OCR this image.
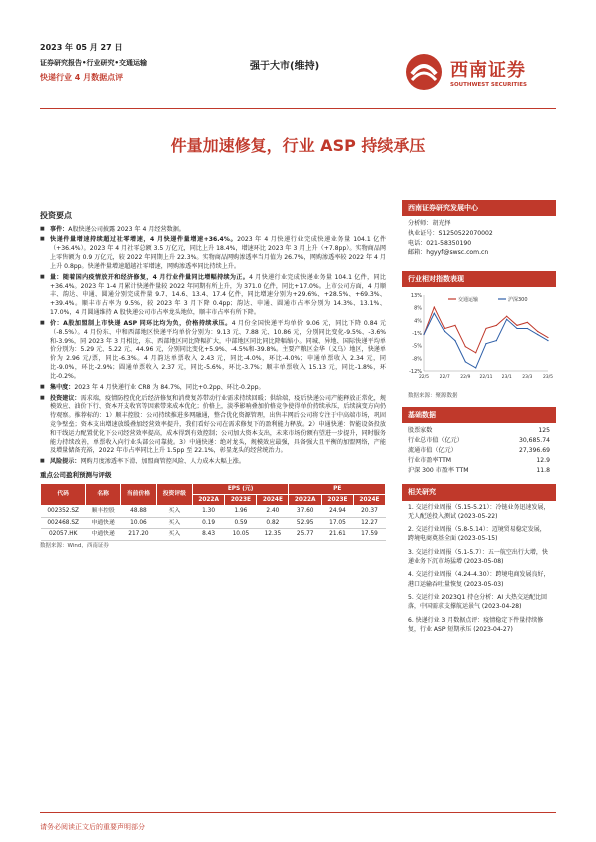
2023 年 05 月 27 日
证券研究报告•行业研究•交通运输
快递行业 4 月数据点评
强于大市(维持)	西南证券
SOUTHWEST SECURITIES
件量加速修复，行业 ASP 持续承压
投资要点
■ 事件：A股快递公司披露 2023 年 4 月经营数据。
■ 快递件量增速持续超过社零增速，4 月快递件量增速+36.4%。2023 年 4 月快递行业完成快递业务量 104.1 亿件（+36.4%）。2023 年 4 月社零总额 3.5 万亿元，同比上升 18.4%，增速环比 2023 年 3 月上升（+7.8pp）。实物商品网上零售额为 0.9 万亿元，较 2022 年同期上升 22.3%。实物商品网购渗透率当月值为 26.7%，网购渗透率较 2022 年 4 月上升 0.8pp。快递件量增速超越社零增速，网购渗透率同比持续上升。
■ 量：随着国内疫情放开和经济修复，4 月行业件量同比增幅持续为正。4 月快递行业完成快递业务量 104.1 亿件，同比+36.4%。2023 年 1-4 月累计快递件量较 2022 年同期有所上升，为 371.0 亿件，同比+17.0%。上市公司方面，4 月顺丰、韵达、申通、圆通分别完成件量 9.7、14.6、13.4、17.4 亿件，同比增速分别为+29.6%、+28.5%、+69.3%、+39.4%。顺丰市占率为 9.5%，较 2023 年 3 月下降 0.4pp；韵达、申通、圆通市占率分别为 14.3%、13.1%、17.0%，4 月圆通维持 A 股快递公司市占率龙头地位，顺丰市占率有所下降。
■ 价：A股加盟制上市快递 ASP 同环比均为负，价格持续承压。4 月份全国快递平均单价 9.06 元，同比下降 0.84 元（-8.5%）。4 月份东、中和西部地区快递平均单价分别为：9.13 元、7.88 元、10.86 元，分别同比变化-9.5%、-3.6%和-3.9%，同 2023 年 3 月相比，东、西部地区同比降幅扩大，中部地区同比同比降幅缩小。同城、异地、国际快递平均单价分别为：5.29 元、5.22 元、44.96 元，分别同比变化+5.9%、-4.5%和-39.8%。主要产粮区金华（义乌）地区，快递单价为 2.96 元/票，同比-6.3%。4 月韵达单票收入 2.43 元，同比-4.0%，环比-4.0%；申通单票收入 2.34 元，同比-9.0%，环比-2.9%；圆通单票收入 2.37 元，同比-5.6%，环比-3.7%；顺丰单票收入 15.13 元，同比-1.8%，环比-0.2%。
■ 集中度：2023 年 4 月快递行业 CR8 为 84.7%，同比+0.2pp、环比-0.2pp。
■ 投资建议：需求端，疫情防控优化后经济修复和消费复苏带动行业需求持续回暖；供给端，疫后快递公司产能释放正常化，规模效应、油价下行、资本开支收官等因素带来成本优化；价格上，淡季影响叠加价格竞争使得单价持续承压，后续演变方向仍待观察。推荐标的：1）顺丰控股：公司持续推进多网融通，整合优化资源管理，出售丰网后公司将专注于中高端市场，巩固竞争壁垒；资本支出增速放缓叠加经营效率提升，我们看好公司在需求修复下的盈利能力释放。2）申通快递：智能设备投放和干线运力配置优化下公司经营效率提高，成本得到有效控制；公司加大资本支出，未来市场份额有望进一步提升，同时服务能力持续改善，单票收入向行业头部公司靠拢。3）中通快递：绝对龙头，规模效应最强，具备强大且平衡的加盟网络，产能及增量储备充裕，2022 年市占率同比上升 1.5pp 至 22.1%，彰显龙头的经营统治力。
■ 风险提示：网购月度渗透率下滑、加盟商管控风险、人力成本大幅上涨。
重点公司盈利预测与评级
代码	名称	当前价格	投资评级	EPS (元)			PE		
				2022A	2023E	2024E	2022A	2023E	2024E
002352.SZ	顺丰控股	48.88	买入	1.30	1.96	2.40	37.60	24.94	20.37
002468.SZ	申通快递	10.06	买入	0.19	0.59	0.82	52.95	17.05	12.27
02057.HK	中通快递	217.20	买入	8.43	10.05	12.35	25.77	21.61	17.59
数据来源：Wind，西南证券
西南证券研究发展中心
分析师：胡光怿
执业证号：S1250522070002
电话：021-58350190
邮箱：hgyyf@swsc.com.cn
行业相对指数表现
13%
8%
4%
-1%
-5%
-8%
-12%
22/5 22/7 22/9 22/11 23/1 23/3 23/5
交通运输	沪深300
数据来源：聚源数据
基础数据
股票家数	125
行业总市值（亿元）	30,685.74
流通市值（亿元）	27,396.69
行业市盈率TTM	12.9
沪深 300 市盈率 TTM	11.8
相关研究
1. 交运行业周报（5.15-5.21）：冷链业务迅速发展，无人配送投入测试 (2023-05-22)
2. 交运行业周报（5.8-5.14）：迈境贸易稳定发展，跨境电商奠基全面 (2023-05-15)
3. 交运行业周报（5.1-5.7）：五一航空出行大增，快递业务下沉市场猛增 (2023-05-08)
4. 交运行业周报（4.24-4.30）：跨境电商发展良好，港口运输吞吐量恢复 (2023-05-03)
5. 交运行业 2023Q1 持仓分析：AI 大热交运配比回落，中国需求支撑航运景气 (2023-04-28)
6. 快递行业 3 月数据点评：疫情稳定下件量持续修复，行业 ASP 短期承压 (2023-04-27)
请务必阅读正文后的重要声明部分
